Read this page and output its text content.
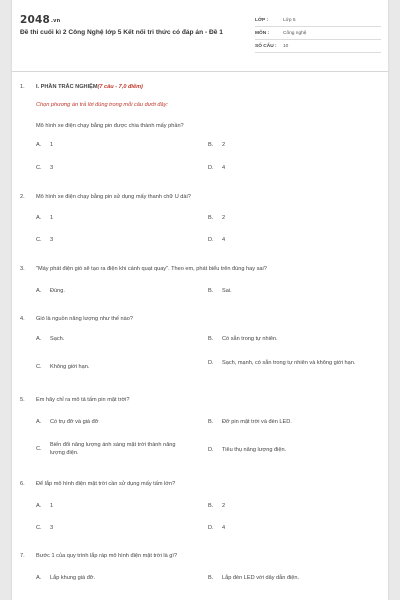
2048.vn
Đề thi cuối kì 2 Công Nghệ lớp 5 Kết nối tri thức có đáp án - Đề 1
LỚP :	Lớp 5
MÔN :	Công nghệ
SỐ CÂU :	10
1.	I. PHẦN TRẮC NGHIỆM(7 câu - 7,0 điểm)
Chọn phương án trả lời đúng trong mỗi câu dưới đây:
Mô hình xe điện chạy bằng pin được chia thành mấy phần?
A.	1	B.	2
C.	3	D.	4
2.	Mô hình xe điện chạy bằng pin sử dụng mấy thanh chữ U dài?
A.	1	B.	2
C.	3	D.	4
3.	"Máy phát điện gió sẽ tạo ra điện khi cánh quạt quay". Theo em, phát biểu trên đúng hay sai?
A.	Đúng.	B.	Sai.
4.	Gió là nguồn năng lượng như thế nào?
A.	Sạch.	B.	Có sẵn trong tự nhiên.
C.	Không giới hạn.
D.	Sạch, mạnh, có sẵn trong tự nhiên và không giới hạn.
5.	Em hãy chỉ ra mô tả tấm pin mặt trời?
A.	Có trụ đỡ và giá đỡ	B.	Đỡ pin mặt trời và đèn LED.
C.
Biến đổi năng lượng ánh sáng mặt trời thành năng lượng điện.	D.	Tiêu thụ năng lượng điện.
6.	Để lắp mô hình điện mặt trời cần sử dụng mấy tấm lớn?
A.	1	B.	2
C.	3	D.	4
7.	Bước 1 của quy trình lắp ráp mô hình điện mặt trời là gì?
A.	Lắp khung giá đỡ.	B.	Lắp đèn LED với dây dẫn điện.
